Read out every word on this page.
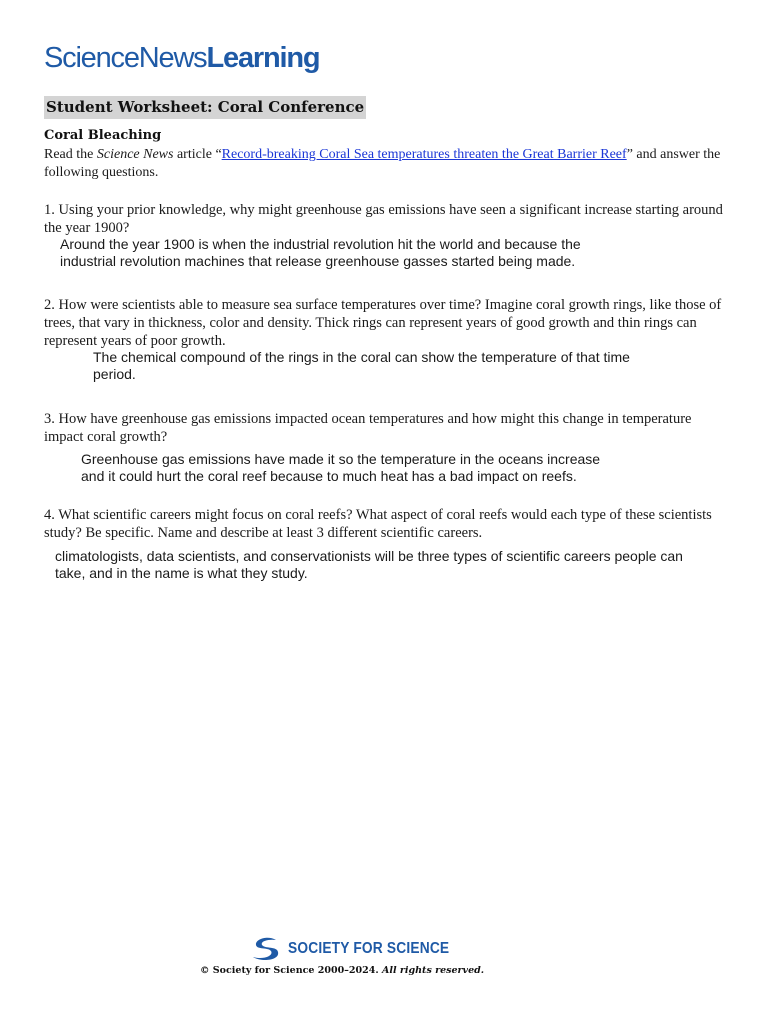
ScienceNewsLearning
Student Worksheet: Coral Conference
Coral Bleaching
Read the Science News article “Record-breaking Coral Sea temperatures threaten the Great Barrier Reef” and answer the following questions.
1. Using your prior knowledge, why might greenhouse gas emissions have seen a significant increase starting around the year 1900?
Around the year 1900 is when the industrial revolution hit the world and because the industrial revolution machines that release greenhouse gasses started being made.
2. How were scientists able to measure sea surface temperatures over time? Imagine coral growth rings, like those of trees, that vary in thickness, color and density. Thick rings can represent years of good growth and thin rings can represent years of poor growth.
The chemical compound of the rings in the coral can show the temperature of that time period.
3. How have greenhouse gas emissions impacted ocean temperatures and how might this change in temperature impact coral growth?
Greenhouse gas emissions have made it so the temperature in the oceans increase and it could hurt the coral reef because to much heat has a bad impact on reefs.
4. What scientific careers might focus on coral reefs? What aspect of coral reefs would each type of these scientists study? Be specific. Name and describe at least 3 different scientific careers.
climatologists, data scientists, and conservationists will be three types of scientific careers people can take, and in the name is what they study.
SOCIETY FOR SCIENCE
© Society for Science 2000–2024. All rights reserved.
